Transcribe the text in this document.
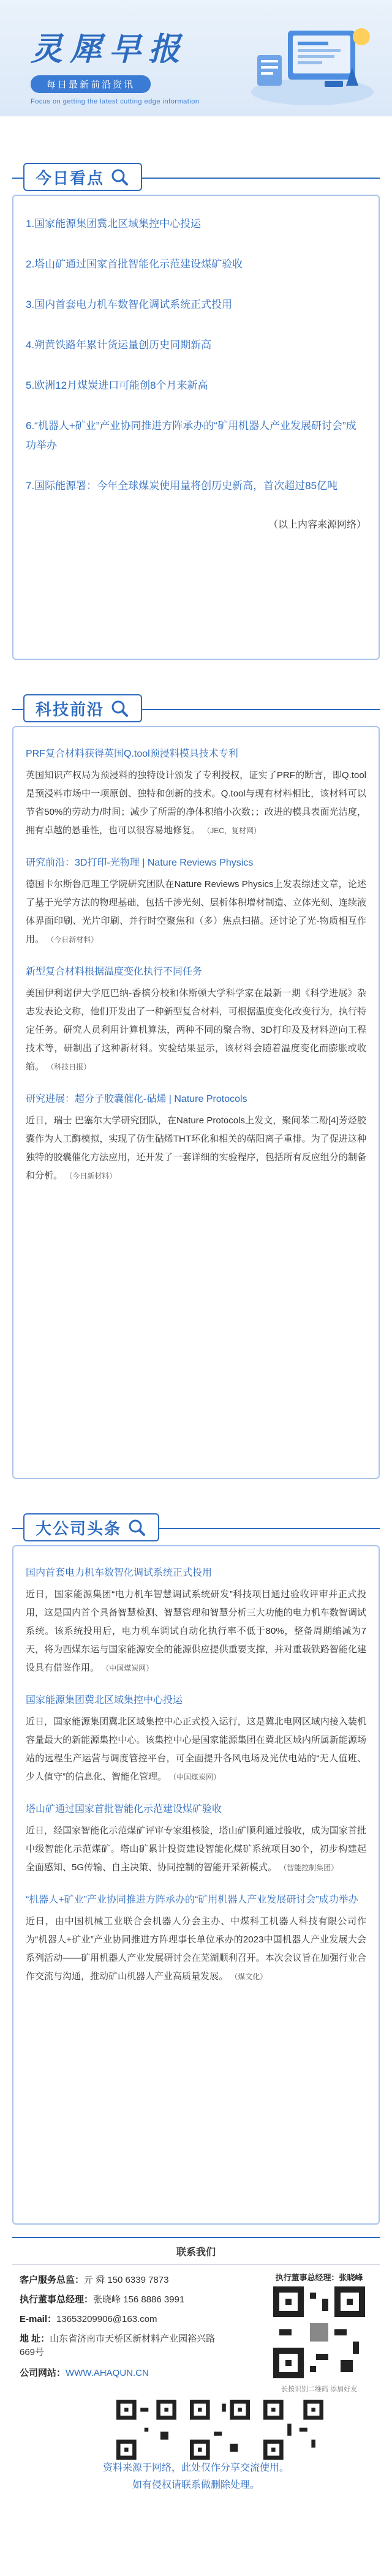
灵犀早报
每日最新前沿资讯
Focus on getting the latest cutting edge information
今日看点
1.国家能源集团冀北区域集控中心投运
2.塔山矿通过国家首批智能化示范建设煤矿验收
3.国内首套电力机车数智化调试系统正式投用
4.朔黄铁路年累计货运量创历史同期新高
5.欧洲12月煤炭进口可能创8个月来新高
6.“机器人+矿业”产业协同推进方阵承办的“矿用机器人产业发展研讨会”成功举办
7.国际能源署：今年全球煤炭使用量将创历史新高，首次超过85亿吨
（以上内容来源网络）
科技前沿
PRF复合材料获得英国Q.tool预浸料模具技术专利
英国知识产权局为预浸料的独特设计颁发了专利授权，证实了PRF的断言，即Q.tool是预浸料市场中一项原创、独特和创新的技术。Q.tool与现有材料相比，该材料可以节省50%的劳动力/时间；减少了所需的净体积缩小次数；；改进的模具表面光洁度，拥有卓越的悬垂性，也可以很容易地修复。 （JEC，复材网）
研究前沿：3D打印-光物理 | Nature Reviews Physics
德国卡尔斯鲁厄理工学院研究团队在Nature Reviews Physics上发表综述文章，论述了基于光学方法的物理基础，包括千涉光刻、层析体积增材制造、立体光刻、连续液体界面印刷、光片印刷、并行时空聚焦和（多）焦点扫描。还讨论了光-物质相互作用。 （今日新材料）
新型复合材料根据温度变化执行不同任务
美国伊利诺伊大学厄巴纳-香槟分校和休斯顿大学科学家在最新一期《科学进展》杂志发表论文称，他们开发出了一种新型复合材料，可根据温度变化改变行为，执行特定任务。研究人员利用计算机算法，两种不同的聚合物、3D打印及及材料逆向工程技术等，研制出了这种新材料。实验结果显示，该材料会随着温度变化而膨胀或收缩。 （科技日报）
研究进展：超分子胶囊催化-砧烯 | Nature Protocols
近日，瑞士 巴塞尔大学研究团队，在Nature Protocols上发文，聚间苯二酚[4]芳烃胶囊作为人工酶模拟，实现了仿生砧烯THT环化和相关的萜阳离子重排。为了促进这种独特的胶囊催化方法应用，还开发了一套详细的实验程序，包括所有反应组分的制备和分析。 （今日新材料）
大公司头条
国内首套电力机车数智化调试系统正式投用
近日，国家能源集团“电力机车智慧调试系统研发”科技项目通过验收评审并正式投用，这是国内首个具备智慧检测、智慧管理和智慧分析三大功能的电力机车数智调试系统。该系统投用后，电力机车调试自动化执行率不低于80%，整备周期缩减为7天，将为西煤东运与国家能源安全的能源供应提供重要支撑，并对重载铁路智能化建设具有借鉴作用。 （中国煤炭网）
国家能源集团冀北区域集控中心投运
近日，国家能源集团冀北区域集控中心正式投入运行，这是冀北电网区域内接入装机容量最大的新能源集控中心。该集控中心是国家能源集团在冀北区域内所属新能源场站的远程生产运营与调度管控平台，可全面提升各风电场及光伏电站的“无人值班、少人值守”的信息化、智能化管理。 （中国煤炭网）
塔山矿通过国家首批智能化示范建设煤矿验收
近日，经国家智能化示范煤矿评审专家组核验，塔山矿顺利通过验收，成为国家首批中级智能化示范煤矿。塔山矿累计投资建设智能化煤矿系统项目30个，初步构建起全面感知、5G传输、自主决策、协同控制的智能开采新模式。 （智能控制集团）
“机器人+矿业”产业协同推进方阵承办的“矿用机器人产业发展研讨会”成功举办
近日，由中国机械工业联合会机器人分会主办、中煤科工机器人科技有限公司作为“机器人+矿业”产业协同推进方阵理事长单位承办的2023中国机器人产业发展大会系列活动——矿用机器人产业发展研讨会在芜湖顺利召开。本次会议旨在加强行业合作交流与沟通，推动矿山机器人产业高质量发展。 （煤文化）
联系我们
客户服务总监：亓 舜 150 6339 7873
执行董事总经理：张晓峰 156 8886 3991
E-mail：13653209906@163.com
地 址：山东省济南市天桥区新材料产业园裕兴路669号
公司网站：WWW.AHAQUN.CN
执行董事总经理：张晓峰
长按识别二维码 添加好友
资料来源于网络，此处仅作分享交流使用。
如有侵权请联系做删除处理。
